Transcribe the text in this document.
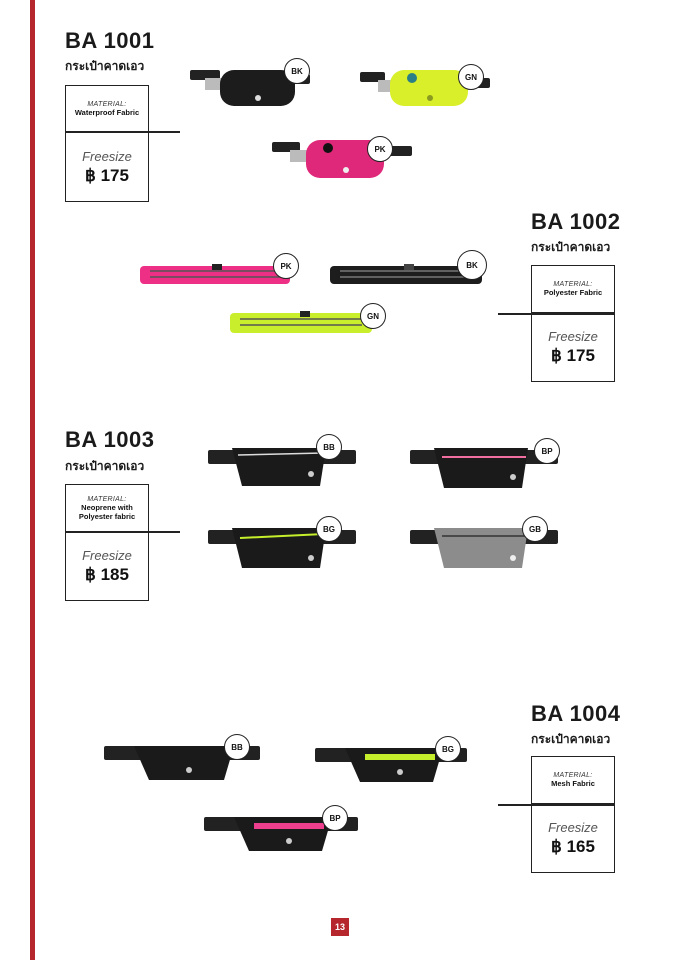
BA 1001
กระเป๋าคาดเอว
MATERIAL:
Waterproof Fabric
Freesize
฿ 175
BK
GN
PK
BA 1002
กระเป๋าคาดเอว
MATERIAL:
Polyester Fabric
Freesize
฿ 175
PK	BK
GN
BA 1003
กระเป๋าคาดเอว
MATERIAL:
Neoprene with Polyester fabric
Freesize
฿ 185
BB	BP
BG	GB
BA 1004
กระเป๋าคาดเอว
MATERIAL:
Mesh Fabric
Freesize
฿ 165
BB	BG
BP
13
